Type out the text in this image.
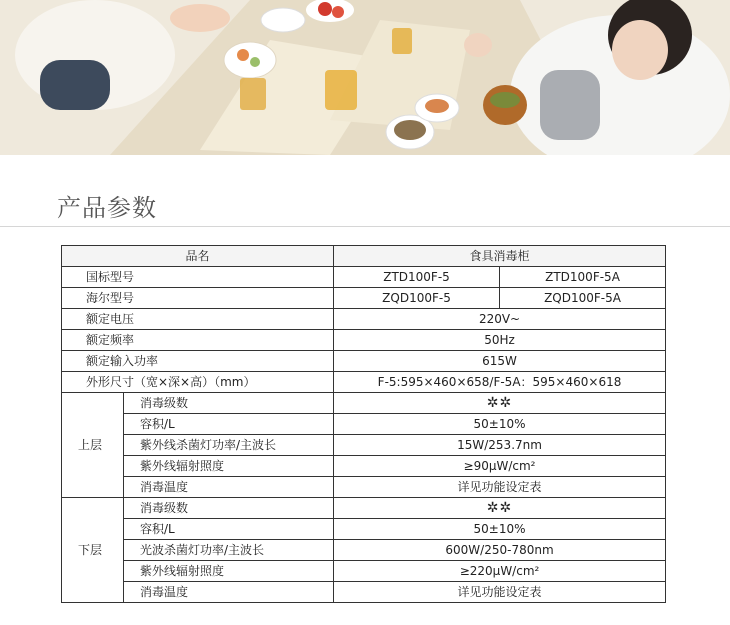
产品参数
品名		食具消毒柜	
国标型号		ZTD100F-5	ZTD100F-5A
海尔型号		ZQD100F-5	ZQD100F-5A
额定电压		220V~	
额定频率		50Hz	
额定输入功率		615W	
外形尺寸（宽×深×高）（mm）		F-5:595×460×658/F-5A：595×460×618	
上层	消毒级数	✲✲	
	容积/L	50±10%	
	紫外线杀菌灯功率/主波长	15W/253.7nm	
	紫外线辐射照度	≥90μW/cm²	
	消毒温度	详见功能设定表	
下层	消毒级数	✲✲	
	容积/L	50±10%	
	光波杀菌灯功率/主波长	600W/250-780nm	
	紫外线辐射照度	≥220μW/cm²	
	消毒温度	详见功能设定表	
